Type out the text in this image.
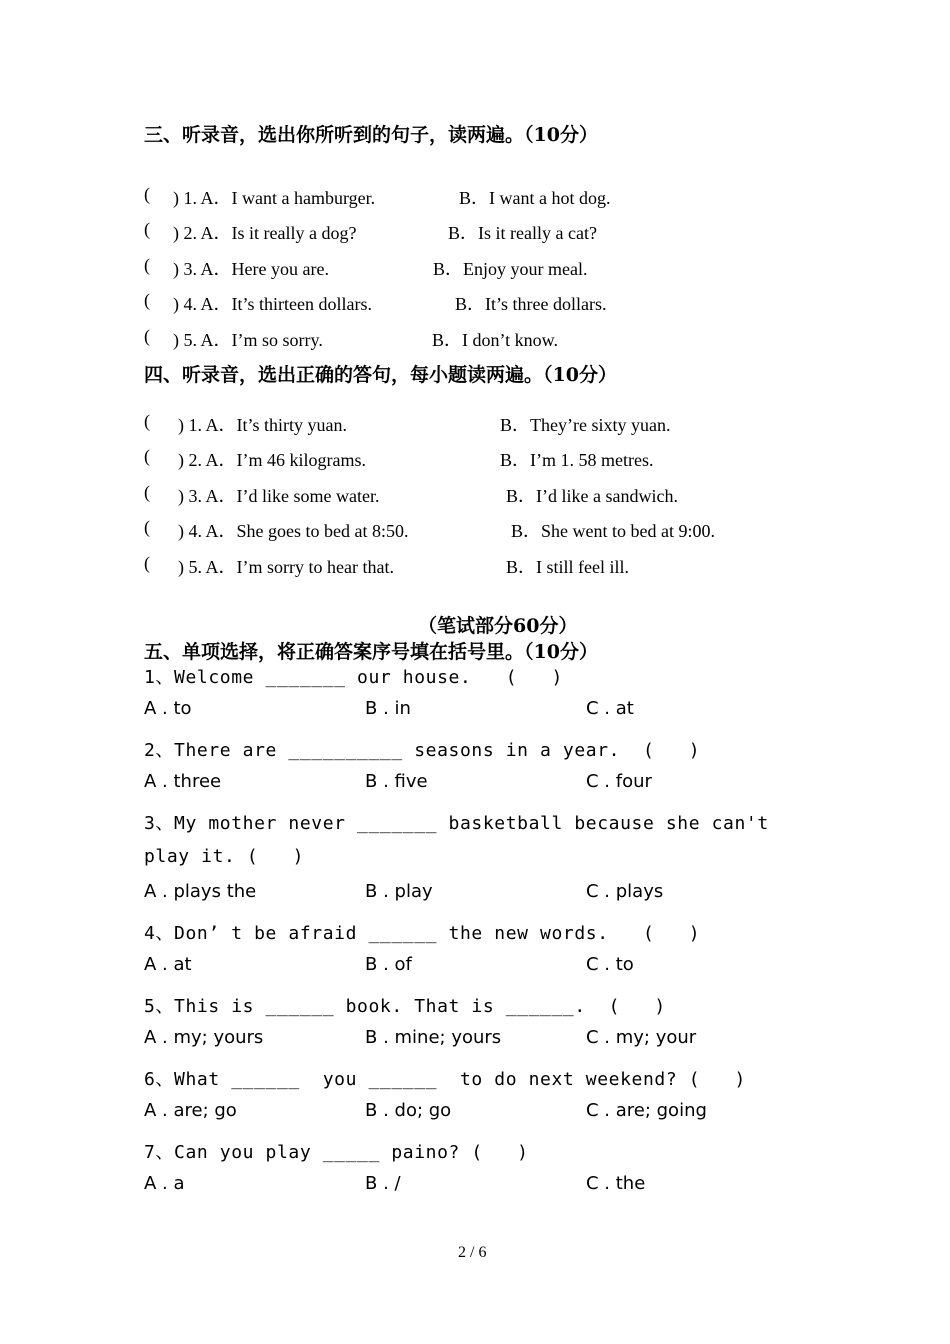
三、听录音，选出你所听到的句子，读两遍。（10分）
( ) 1. A．I want a hamburger.	B．I want a hot dog.
( ) 2. A．Is it really a dog?	B．Is it really a cat?
( ) 3. A．Here you are.	B．Enjoy your meal.
( ) 4. A．It’s thirteen dollars.	B．It’s three dollars.
( ) 5. A．I’m so sorry.	B．I don’t know.
四、听录音，选出正确的答句，每小题读两遍。（10分）
( ) 1. A．It’s thirty yuan.	B．They’re sixty yuan.
( ) 2. A．I’m 46 kilograms.	B．I’m 1. 58 metres.
( ) 3. A．I’d like some water.	B．I’d like a sandwich.
( ) 4. A．She goes to bed at 8:50.	B．She went to bed at 9:00.
( ) 5. A．I’m sorry to hear that.	B．I still feel ill.
（笔试部分60分）
五、单项选择，将正确答案序号填在括号里。（10分）
1、Welcome _______ our house.   (   )
A . to	B . in	C . at
2、There are __________ seasons in a year.  (   )
A . three	B . five	C . four
3、My mother never _______ basketball because she can't
play it. (   )
A . plays the	B . play	C . plays
4、Don’ t be afraid ______ the new words.   (   )
A . at	B . of	C . to
5、This is ______ book. That is ______.  (   )
A . my; yours	B . mine; yours	C . my; your
6、What ______  you ______  to do next weekend? (   )
A . are; go	B . do; go	C . are; going
7、Can you play _____ paino? (   )
A . a	B . /	C . the
2 / 6
